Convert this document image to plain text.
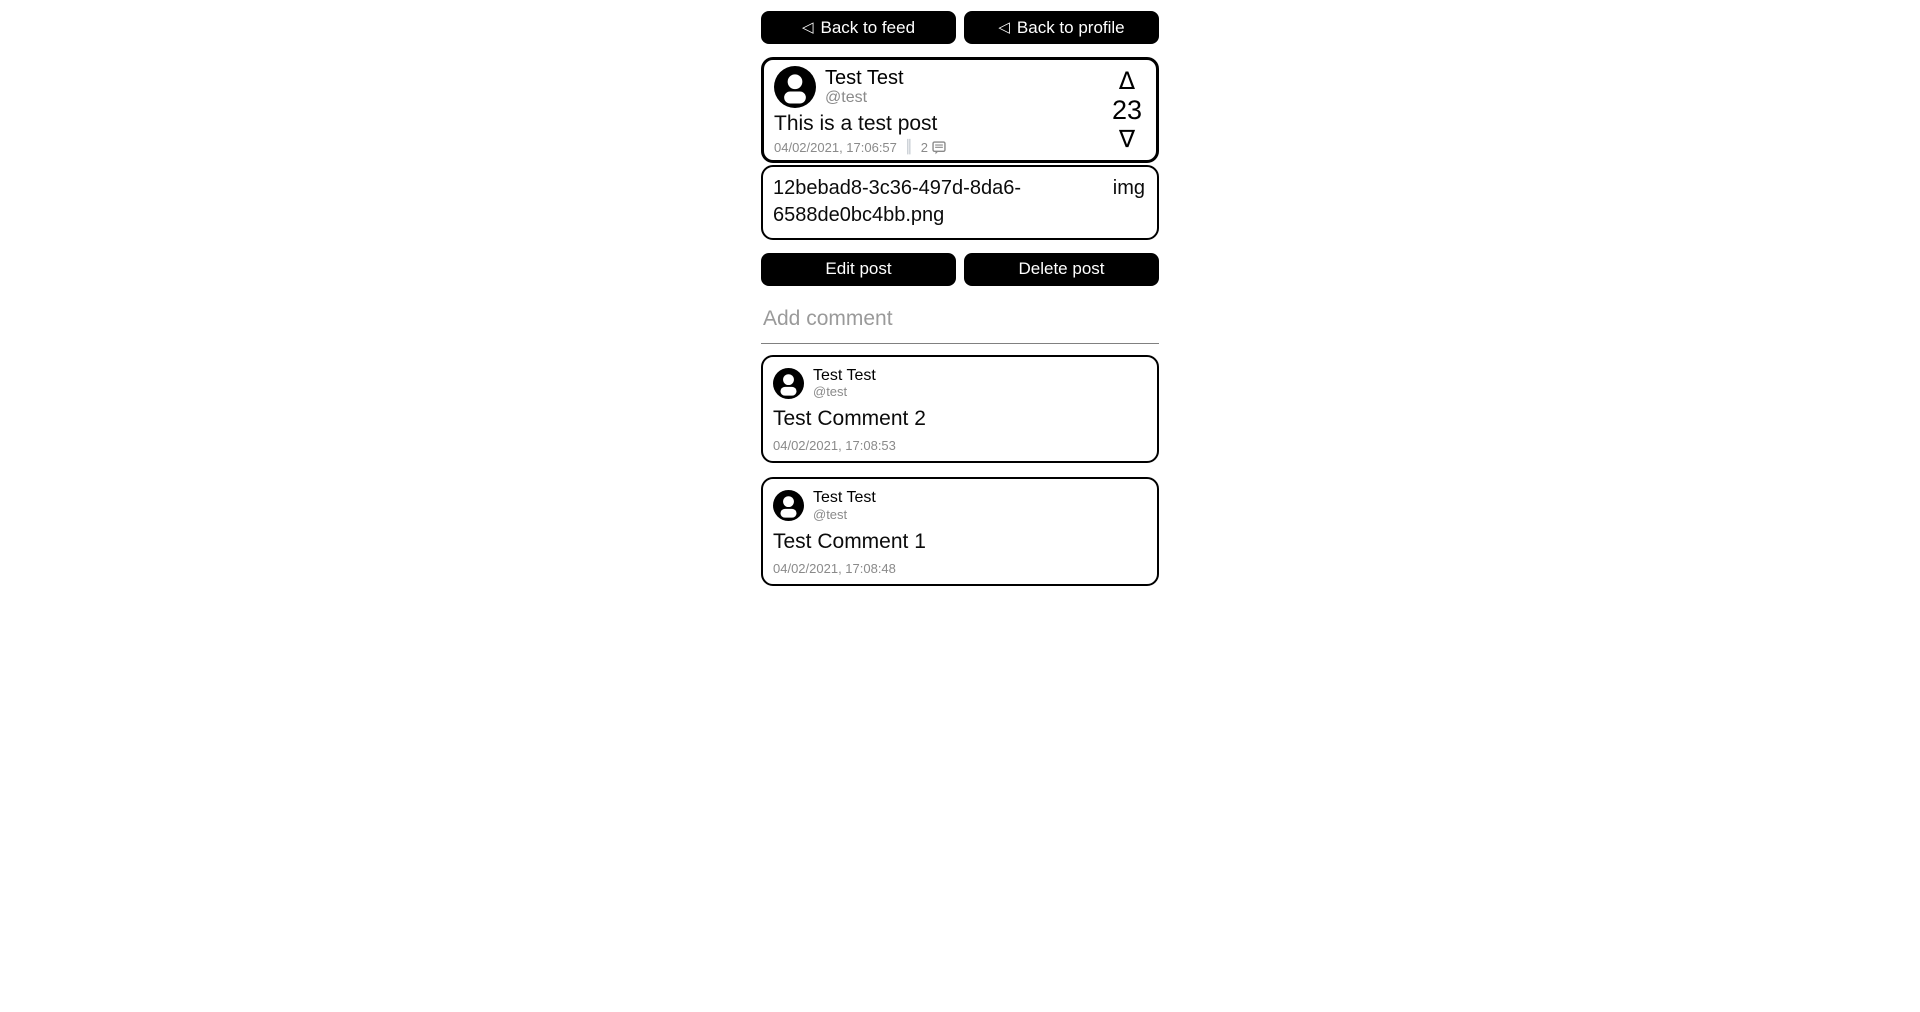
◁ Back to feed	◁ Back to profile
Test Test
@test
This is a test post
04/02/2021, 17:06:57 ║ 2
Δ
23
∇
12bebad8-3c36-497d-8da6-6588de0bc4bb.png
img
Edit post	Delete post
Add comment
Test Test
@test
Test Comment 2
04/02/2021, 17:08:53
Test Test
@test
Test Comment 1
04/02/2021, 17:08:48
